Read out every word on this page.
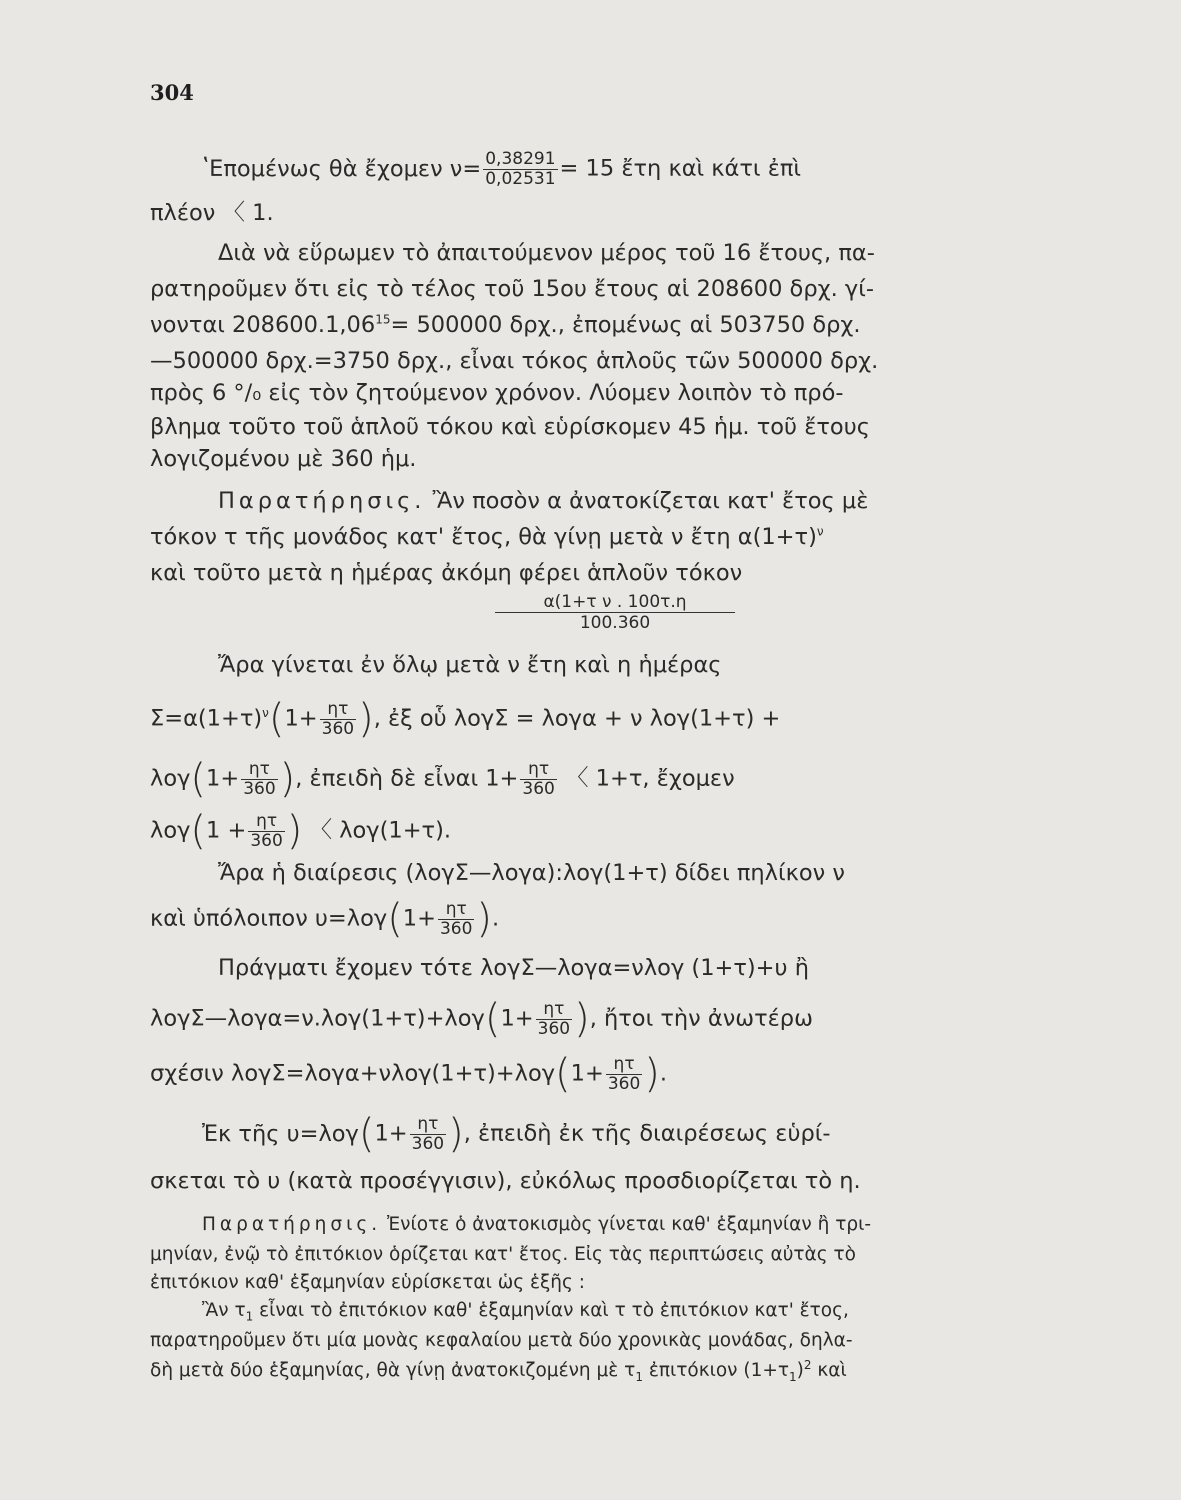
304
ʽΕπομένως θὰ ἔχομεν $\nu= \frac{0,38291}{0,02531} = 15$ ἔτη καὶ κάτι ἐπὶ
πλέον 〈 1.
Διὰ νὰ εὕρωμεν τὸ ἀπαιτούμενον μέρος τοῦ 16 ἔτους, πα-
ρατηροῦμεν ὅτι εἰς τὸ τέλος τοῦ 15ου ἔτους αἱ 208600 δρχ. γί-
νονται $208600.1,06^{15}= 500000$ δρχ., ἐπομένως αἱ 503750 δρχ.
—500000 δρχ.=3750 δρχ., εἶναι τόκος ἁπλοῦς τῶν 500000 δρχ.
πρὸς 6 °/₀ εἰς τὸν ζητούμενον χρόνον. Λύομεν λοιπὸν τὸ πρό-
βλημα τοῦτο τοῦ ἁπλοῦ τόκου καὶ εὑρίσκομεν 45 ἡμ. τοῦ ἔτους
λογιζομένου μὲ 360 ἡμ.
Παρατήρησις. Ἂν ποσὸν α ἀνατοκίζεται κατ' ἔτος μὲ
τόκον τ τῆς μονάδος κατ' ἔτος, θὰ γίνῃ μετὰ ν ἔτη $\alpha(1+\tau)^\nu$
καὶ τοῦτο μετὰ η ἡμέρας ἀκόμη φέρει ἁπλοῦν τόκον
$\frac{\text{α(1+τ ν . 100τ.η}}{100.360}$
Ἄρα γίνεται ἐν ὅλῳ μετὰ ν ἔτη καὶ η ἡμέρας
$\Sigma=\alpha(1+\tau)^\nu(1+ \frac{\eta\tau}{360}$ ), ἐξ οὗ λογΣ = λογα + ν λογ(1+τ) +
$\lambda o\gamma(1+ \frac{\eta\tau}{360}$ ), ἐπειδὴ δὲ εἶναι $1+ \frac{\eta\tau}{360}$ 〈 1+τ, ἔχομεν
$\lambda o\gamma(1 + \frac{\eta\tau}{360}$ ) 〈 λογ(1+τ).
Ἄρα ἡ διαίρεσις (λογΣ—λογα):λογ(1+τ) δίδει πηλίκον ν
καὶ ὑπόλοιπον $\upsilon=\lambda o\gamma(1+ \frac{\eta\tau}{360}$ ).
Πράγματι ἔχομεν τότε λογΣ—λογα=νλογ (1+τ)+υ ἢ
λογΣ—λογα=ν.λογ(1+τ)+λογ(1+ $\frac{\eta\tau}{360}$ ), ἤτοι τὴν ἀνωτέρω
σχέσιν $\lambda o\gamma\Sigma=\lambda o\gamma\alpha+\nu\lambda o\gamma(1+\tau)+\lambda o\gamma(1+ \frac{\eta\tau}{360}$ ).
Ἐκ τῆς $\upsilon=\lambda o\gamma(1+ \frac{\eta\tau}{360}$ ), ἐπειδὴ ἐκ τῆς διαιρέσεως εὑρί-
σκεται τὸ υ (κατὰ προσέγγισιν), εὐκόλως προσδιορίζεται τὸ η.
Παρατήρησις. Ἐνίοτε ὁ ἀνατοκισμὸς γίνεται καθ' ἑξαμηνίαν ἢ τρι-
μηνίαν, ἐνῷ τὸ ἐπιτόκιον ὁρίζεται κατ' ἔτος. Εἰς τὰς περιπτώσεις αὐτὰς τὸ
ἐπιτόκιον καθ' ἑξαμηνίαν εὑρίσκεται ὡς ἑξῆς :
Ἂν $\tau_1$ εἶναι τὸ ἐπιτόκιον καθ' ἑξαμηνίαν καὶ τ τὸ ἐπιτόκιον κατ' ἔτος,
παρατηροῦμεν ὅτι μία μονὰς κεφαλαίου μετὰ δύο χρονικὰς μονάδας, δηλα-
δὴ μετὰ δύο ἑξαμηνίας, θὰ γίνῃ ἀνατοκιζομένη μὲ $\tau_1$ ἐπιτόκιον $(1+\tau_1)^2$ καὶ
